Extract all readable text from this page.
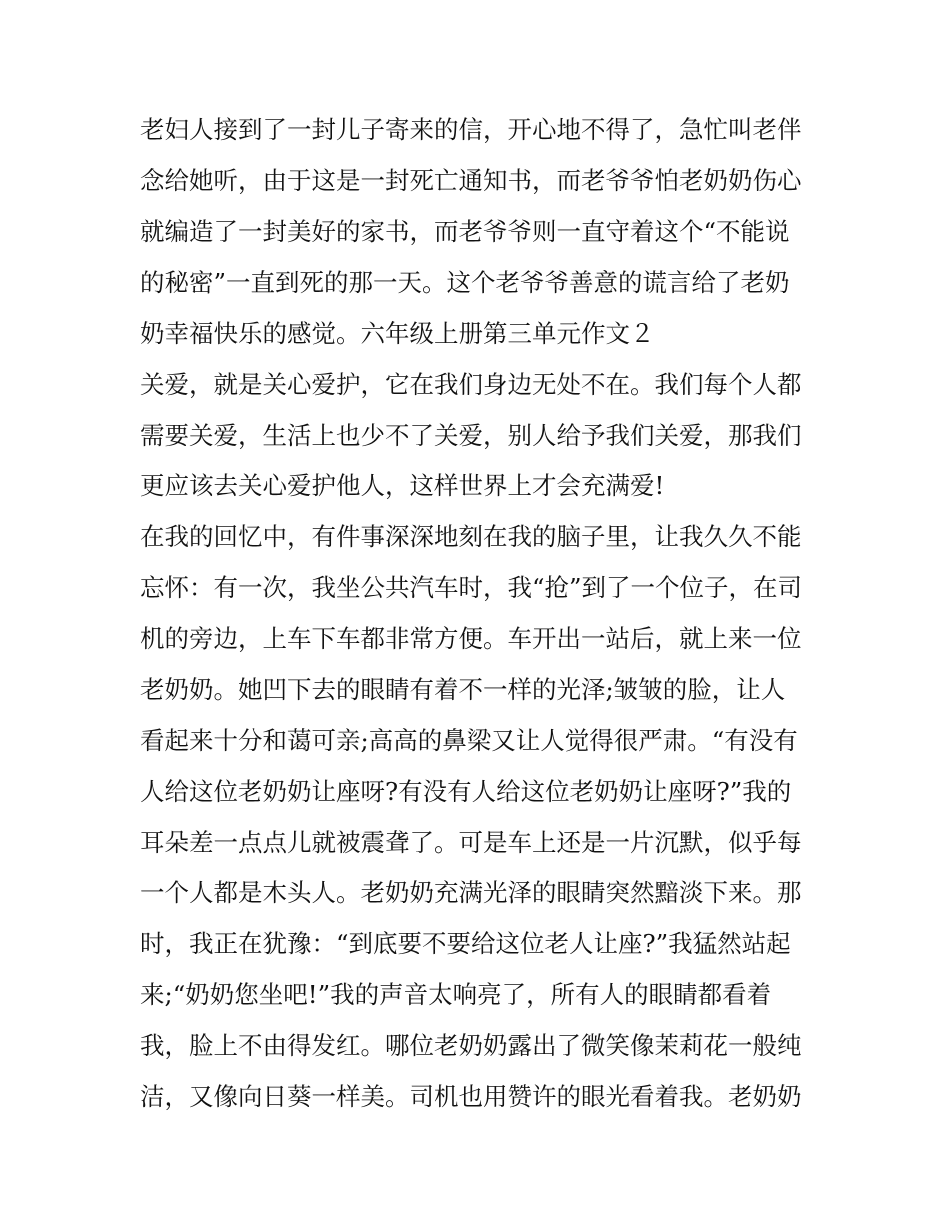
老妇人接到了一封儿子寄来的信，开心地不得了，急忙叫老伴
念给她听，由于这是一封死亡通知书，而老爷爷怕老奶奶伤心
就编造了一封美好的家书，而老爷爷则一直守着这个“不能说
的秘密”一直到死的那一天。这个老爷爷善意的谎言给了老奶
奶幸福快乐的感觉。六年级上册第三单元作文２
关爱，就是关心爱护，它在我们身边无处不在。我们每个人都
需要关爱，生活上也少不了关爱，别人给予我们关爱，那我们
更应该去关心爱护他人，这样世界上才会充满爱!
在我的回忆中，有件事深深地刻在我的脑子里，让我久久不能
忘怀：有一次，我坐公共汽车时，我“抢”到了一个位子，在司
机的旁边，上车下车都非常方便。车开出一站后，就上来一位
老奶奶。她凹下去的眼睛有着不一样的光泽;皱皱的脸，让人
看起来十分和蔼可亲;高高的鼻梁又让人觉得很严肃。“有没有
人给这位老奶奶让座呀?有没有人给这位老奶奶让座呀?”我的
耳朵差一点点儿就被震聋了。可是车上还是一片沉默，似乎每
一个人都是木头人。老奶奶充满光泽的眼睛突然黯淡下来。那
时，我正在犹豫：“到底要不要给这位老人让座?”我猛然站起
来;“奶奶您坐吧!”我的声音太响亮了，所有人的眼睛都看着
我，脸上不由得发红。哪位老奶奶露出了微笑像茉莉花一般纯
洁，又像向日葵一样美。司机也用赞许的眼光看着我。老奶奶
